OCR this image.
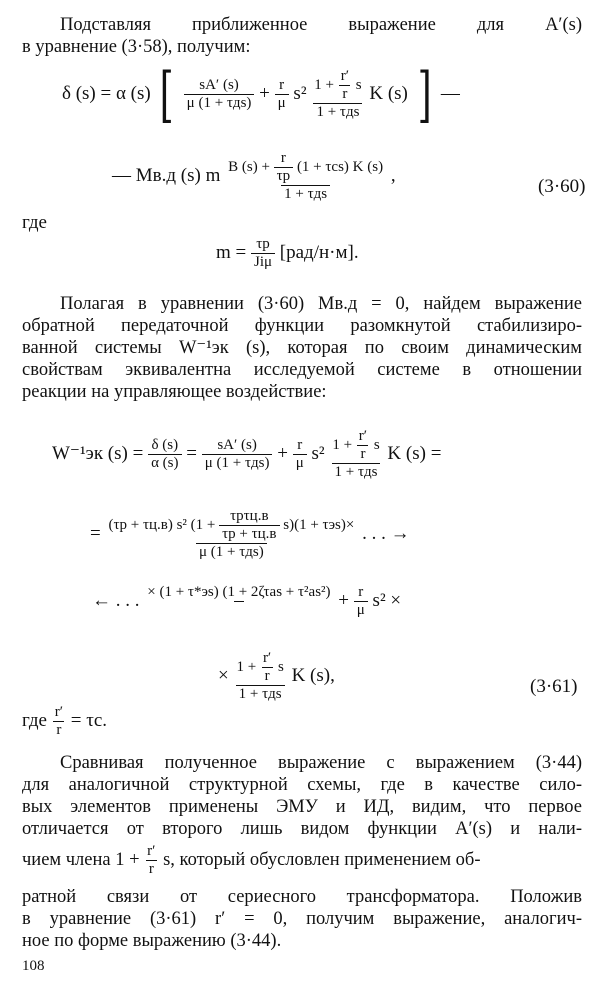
Подставляя приближенное выражение для A′(s)
в уравнение (3·58), получим:
δ (s) = α (s) [ $\frac{sA' (s)}{\text{μ (1 + τдs)}} + \frac{r}{\mu} s^2 \frac{1 + \frac{r'}{r} s}{\text{1 + τдs}}$ K (s) ] —
— Mв.д (s) m B $(s) + \frac{r}{\tau р} (1 + \tau сs)$ K (s)
1 + τдs
,
(3·60)
где
$m = \frac{\tau р}{\text{Jiμ}} [рад/н\cdot м]$.
Полагая в уравнении (3·60) Mв.д = 0, найдем выражение
обратной передаточной функции разомкнутой стабилизиро-
ванной системы W⁻¹эк (s), которая по своим динамическим
свойствам эквивалентна исследуемой системе в отношении
реакции на управляющее воздействие:
W⁻¹эк $(s) = \frac{\delta (s)}{\alpha (s)} = \frac{sA' (s)}{\text{μ (1 + τдs)}} + \frac{r}{\mu} s^2 \frac{1 + \frac{r'}{r} s}{\text{1 + τдs}}$ K (s) =
= (τр + τц.в) s² $(1 + \frac{\text{τрτц.в}}{\tau р + \tau ц.в} s)(1 + \tau эs)\times$
μ (1 + τдs)
. . . →
← . . . × (1 + τ*эs) (1 + 2ζτаs + τ²аs²)
+ $\frac{r}{\mu} s^2$ ×
× $\frac{1 + \frac{r'}{r} s}{\text{1 + τдs}}$ K (s),
(3·61)
где $\frac{r'}{r} = \tau с$.
Сравнивая полученное выражение с выражением (3·44)
для аналогичной структурной схемы, где в качестве сило-
вых элементов применены ЭМУ и ИД, видим, что первое
отличается от второго лишь видом функции A′(s) и нали-
чием члена $1 + \frac{r'}{r} s$, который обусловлен применением об-
ратной связи от сериесного трансформатора. Положив
в уравнение (3·61) r′ = 0, получим выражение, аналогич-
ное по форме выражению (3·44).
108
